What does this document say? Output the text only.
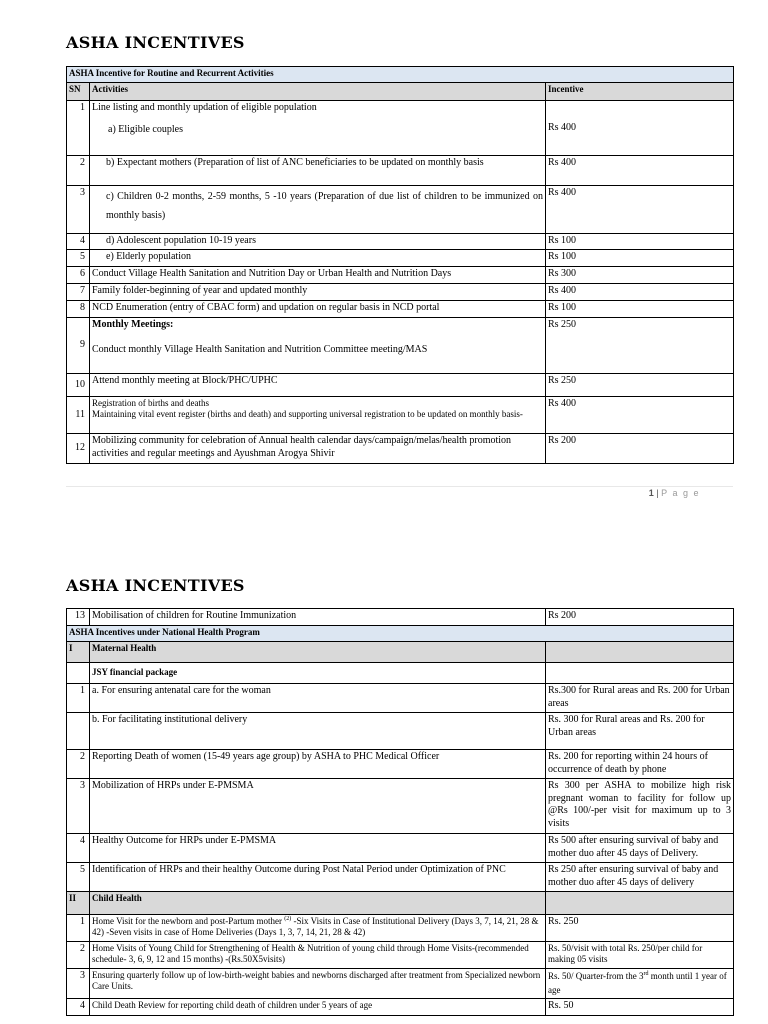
ASHA INCENTIVES
ASHA Incentive for Routine and Recurrent Activities		
SN	Activities	Incentive
1	Line listing and monthly updation of eligible population
a) Eligible couples	Rs 400
2	b) Expectant mothers (Preparation of list of ANC beneficiaries to be updated on monthly basis	Rs 400
3	c) Children 0-2 months, 2-59 months, 5 -10 years (Preparation of due list of children to be immunized on monthly basis)	Rs 400
4	d) Adolescent population 10-19 years	Rs 100
5	e) Elderly population	Rs 100
6	Conduct Village Health Sanitation and Nutrition Day or Urban Health and Nutrition Days	Rs 300
7	Family folder-beginning of year and updated monthly	Rs 400
8	NCD Enumeration (entry of CBAC form) and updation on regular basis in NCD portal	Rs 100
9	Monthly Meetings:
Conduct monthly Village Health Sanitation and Nutrition Committee meeting/MAS	Rs 250
10	Attend monthly meeting at Block/PHC/UPHC	Rs 250
11	Registration of births and deaths
Maintaining vital event register (births and death) and supporting universal registration to be updated on monthly basis-	Rs 400
12	Mobilizing community for celebration of Annual health calendar days/campaign/melas/health promotion activities and regular meetings and Ayushman Arogya Shivir	Rs 200
1 | P a g e
ASHA INCENTIVES
13	Mobilisation of children for Routine Immunization	Rs 200
ASHA Incentives under National Health Program		
I	Maternal Health	
	JSY financial package	
1	a. For ensuring antenatal care for the woman	Rs.300 for Rural areas and Rs. 200 for Urban areas
	b. For facilitating institutional delivery	Rs. 300 for Rural areas and Rs. 200 for Urban areas
2	Reporting Death of women (15-49 years age group) by ASHA to PHC Medical Officer	Rs. 200 for reporting within 24 hours of occurrence of death by phone
3	Mobilization of HRPs under E-PMSMA	Rs 300 per ASHA to mobilize high risk pregnant woman to facility for follow up @Rs 100/-per visit for maximum up to 3 visits
4	Healthy Outcome for HRPs under E-PMSMA	Rs 500 after ensuring survival of baby and mother duo after 45 days of Delivery.
5	Identification of HRPs and their healthy Outcome during Post Natal Period under Optimization of PNC	Rs 250 after ensuring survival of baby and mother duo after 45 days of delivery
II	Child Health	
1	Home Visit for the newborn and post-Partum mother $^{(2)}$ -Six Visits in Case of Institutional Delivery (Days 3, 7, 14, 21, 28 & 42) -Seven visits in case of Home Deliveries (Days 1, 3, 7, 14, 21, 28 & 42)	Rs. 250
2	Home Visits of Young Child for Strengthening of Health & Nutrition of young child through Home Visits-(recommended schedule- 3, 6, 9, 12 and 15 months) -(Rs.50X5visits)	Rs. 50/visit with total Rs. 250/per child for making 05 visits
3	Ensuring quarterly follow up of low-birth-weight babies and newborns discharged after treatment from Specialized newborn Care Units.	Rs. 50/ Quarter-from the 3rd month until 1 year of age
4	Child Death Review for reporting child death of children under 5 years of age	Rs. 50
